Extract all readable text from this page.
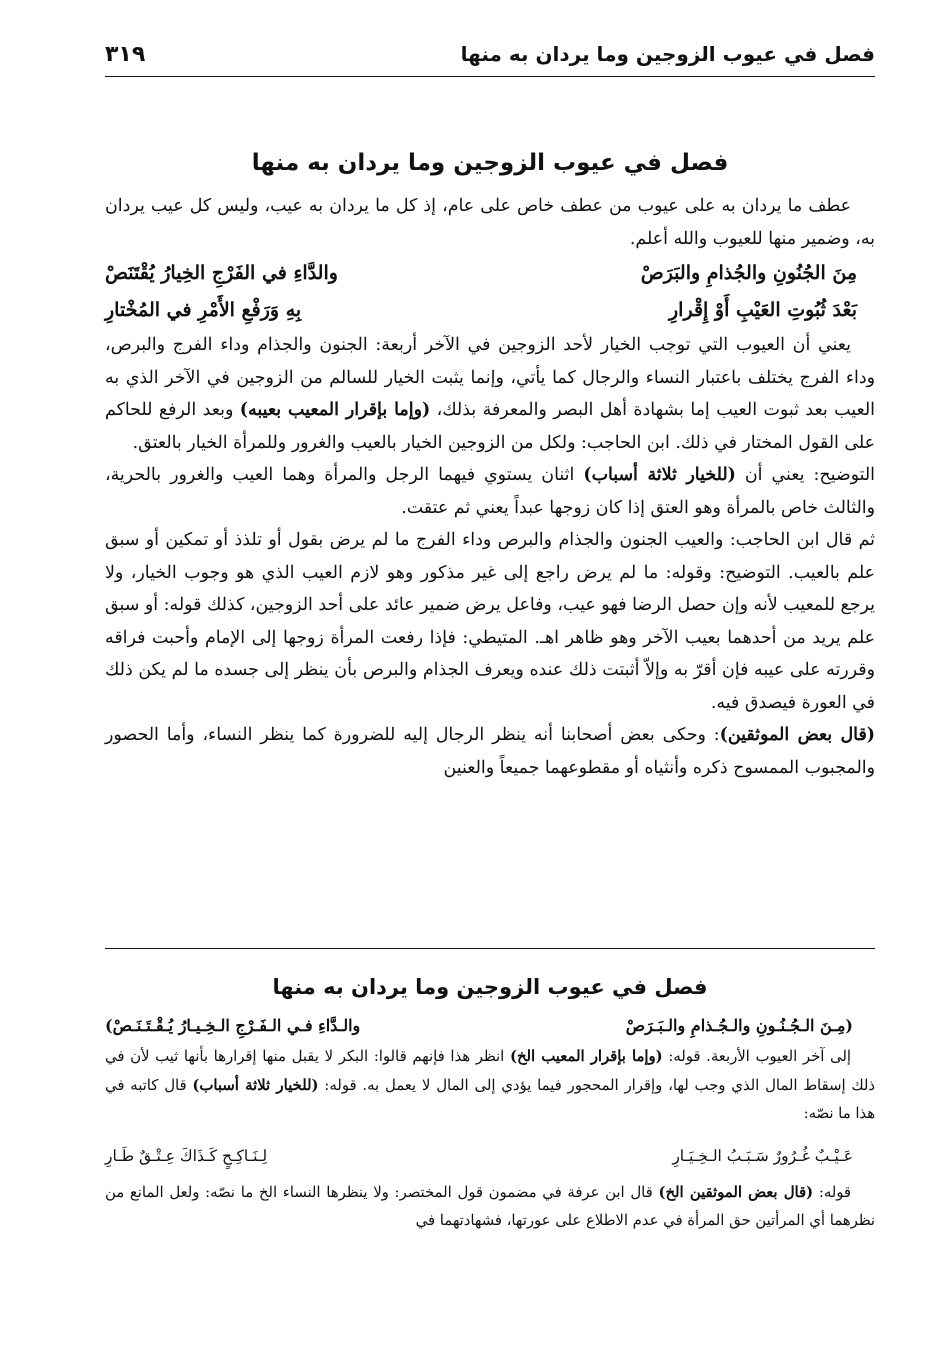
فصل في عيوب الزوجين وما يردان به منها
٣١٩
فصل في عيوب الزوجين وما يردان به منها

عطف ما يردان به على عيوب من عطف خاص على عام، إذ كل ما يردان به عيب، وليس كل عيب يردان به، وضمير منها للعيوب والله أعلم.

مِنَ الجُنُونِ والجُذامِ والبَرَصْ
والدَّاءِ في الفَرْجِ الخِيارُ يُقْتَنَصْ
بَعْدَ ثُبُوتِ العَيْبِ أَوْ إِقْرارِ
بِهِ وَرَفْعِ الأَمْرِ في المُخْتارِ

يعني أن العيوب التي توجب الخيار لأحد الزوجين في الآخر أربعة: الجنون والجذام وداء الفرج والبرص، وداء الفرج يختلف باعتبار النساء والرجال كما يأتي، وإنما يثبت الخيار للسالم من الزوجين في الآخر الذي به العيب بعد ثبوت العيب إما بشهادة أهل البصر والمعرفة بذلك، (وإما بإقرار المعيب بعيبه) وبعد الرفع للحاكم على القول المختار في ذلك. ابن الحاجب: ولكل من الزوجين الخيار بالعيب والغرور وللمرأة الخيار بالعتق.

التوضيح: يعني أن (للخيار ثلاثة أسباب) اثنان يستوي فيهما الرجل والمرأة وهما العيب والغرور بالحرية، والثالث خاص بالمرأة وهو العتق إذا كان زوجها عبداً يعني ثم عتقت.

ثم قال ابن الحاجب: والعيب الجنون والجذام والبرص وداء الفرج ما لم يرض بقول أو تلذذ أو تمكين أو سبق علم بالعيب. التوضيح: وقوله: ما لم يرض راجع إلى غير مذكور وهو لازم العيب الذي هو وجوب الخيار، ولا يرجع للمعيب لأنه وإن حصل الرضا فهو عيب، وفاعل يرض ضمير عائد على أحد الزوجين، كذلك قوله: أو سبق علم يريد من أحدهما بعيب الآخر وهو ظاهر اهـ. المتيطي: فإذا رفعت المرأة زوجها إلى الإمام وأحبت فراقه وقررته على عيبه فإن أقرّ به وإلاّ أثبتت ذلك عنده ويعرف الجذام والبرص بأن ينظر إلى جسده ما لم يكن ذلك في العورة فيصدق فيه.

(قال بعض الموثقين): وحكى بعض أصحابنا أنه ينظر الرجال إليه للضرورة كما ينظر النساء، وأما الحصور والمجبوب الممسوح ذكره وأنثياه أو مقطوعهما جميعاً والعنين

فصل في عيوب الزوجين وما يردان به منها
(مِـنَ الـجُـنُـونِ والـجُـذامِ والـبَـرَصْ
والـدَّاءِ فـي الـفَـرْجِ الـخِـيـارُ يُـقْـتَـنَـصْ)

إلى آخر العيوب الأربعة. قوله: (وإما بإقرار المعيب الخ) انظر هذا فإنهم قالوا: البكر لا يقبل منها إقرارها بأنها ثيب لأن في ذلك إسقاط المال الذي وجب لها، وإقرار المحجور فيما يؤدي إلى المال لا يعمل به. قوله: (للخيار ثلاثة أسباب) قال كاتبه في هذا ما نصّه:

عَـيْـبٌ غُـرُورٌ سَـبَـبُ الـخِـيَـارِ
لِـنَـاكِـحٍ كَـذَاكَ عِـتْـقٌ طَـارِ

قوله: (قال بعض الموثقين الخ) قال ابن عرفة في مضمون قول المختصر: ولا ينظرها النساء الخ ما نصّه: ولعل المانع من نظرهما أي المرأتين حق المرأة في عدم الاطلاع على عورتها، فشهادتهما في
